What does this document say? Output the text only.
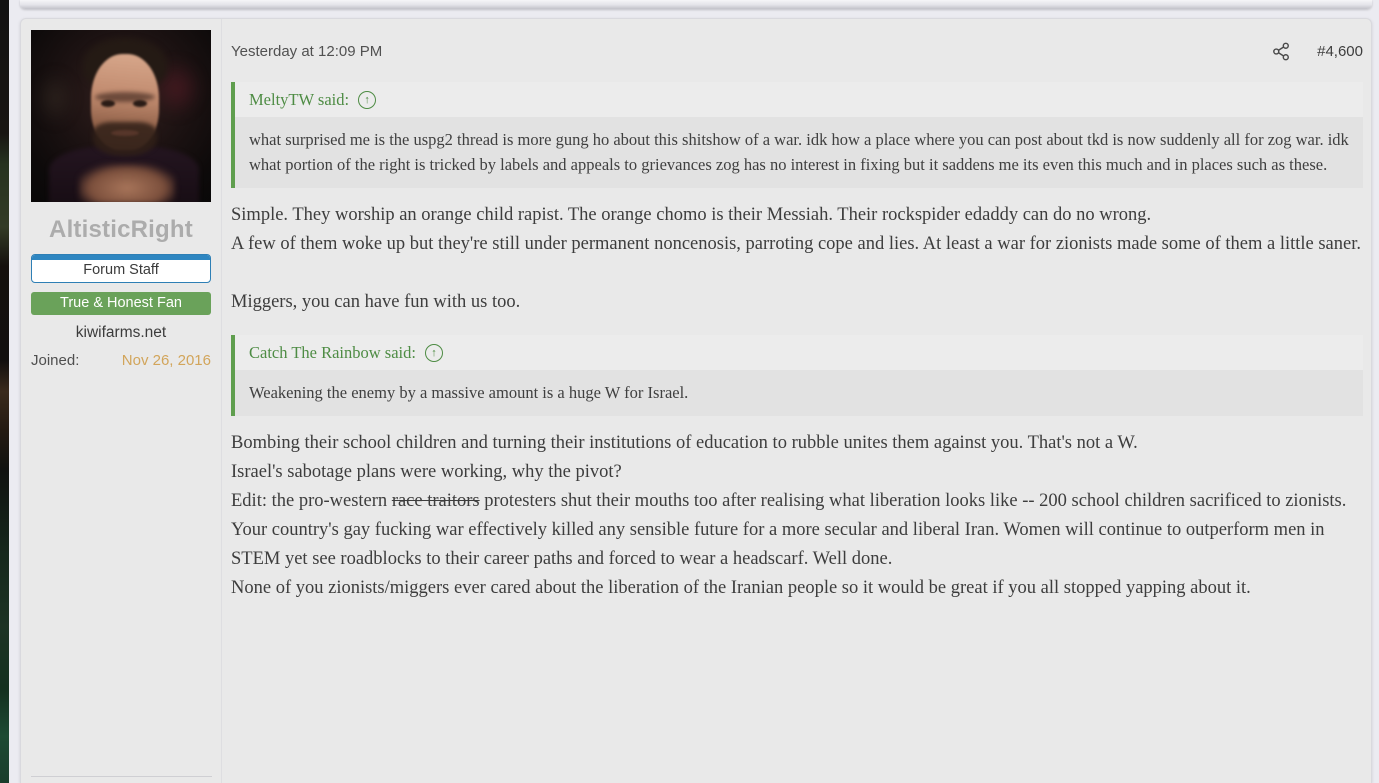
AltisticRight
Forum Staff
True & Honest Fan
kiwifarms.net
Joined:	Nov 26, 2016
Yesterday at 12:09 PM	#4,600
MeltyTW said:	↑
what surprised me is the uspg2 thread is more gung ho about this shitshow of a war. idk how a place where you can post about tkd is now suddenly all for zog war. idk what portion of the right is tricked by labels and appeals to grievances zog has no interest in fixing but it saddens me its even this much and in places such as these.
Simple. They worship an orange child rapist. The orange chomo is their Messiah. Their rockspider edaddy can do no wrong.
A few of them woke up but they're still under permanent noncenosis, parroting cope and lies. At least a war for zionists made some of them a little saner.
Miggers, you can have fun with us too.
Catch The Rainbow said:	↑
Weakening the enemy by a massive amount is a huge W for Israel.
Bombing their school children and turning their institutions of education to rubble unites them against you. That's not a W.
Israel's sabotage plans were working, why the pivot?
Edit: the pro-western race traitors protesters shut their mouths too after realising what liberation looks like -- 200 school children sacrificed to zionists.
Your country's gay fucking war effectively killed any sensible future for a more secular and liberal Iran. Women will continue to outperform men in STEM yet see roadblocks to their career paths and forced to wear a headscarf. Well done.
None of you zionists/miggers ever cared about the liberation of the Iranian people so it would be great if you all stopped yapping about it.
